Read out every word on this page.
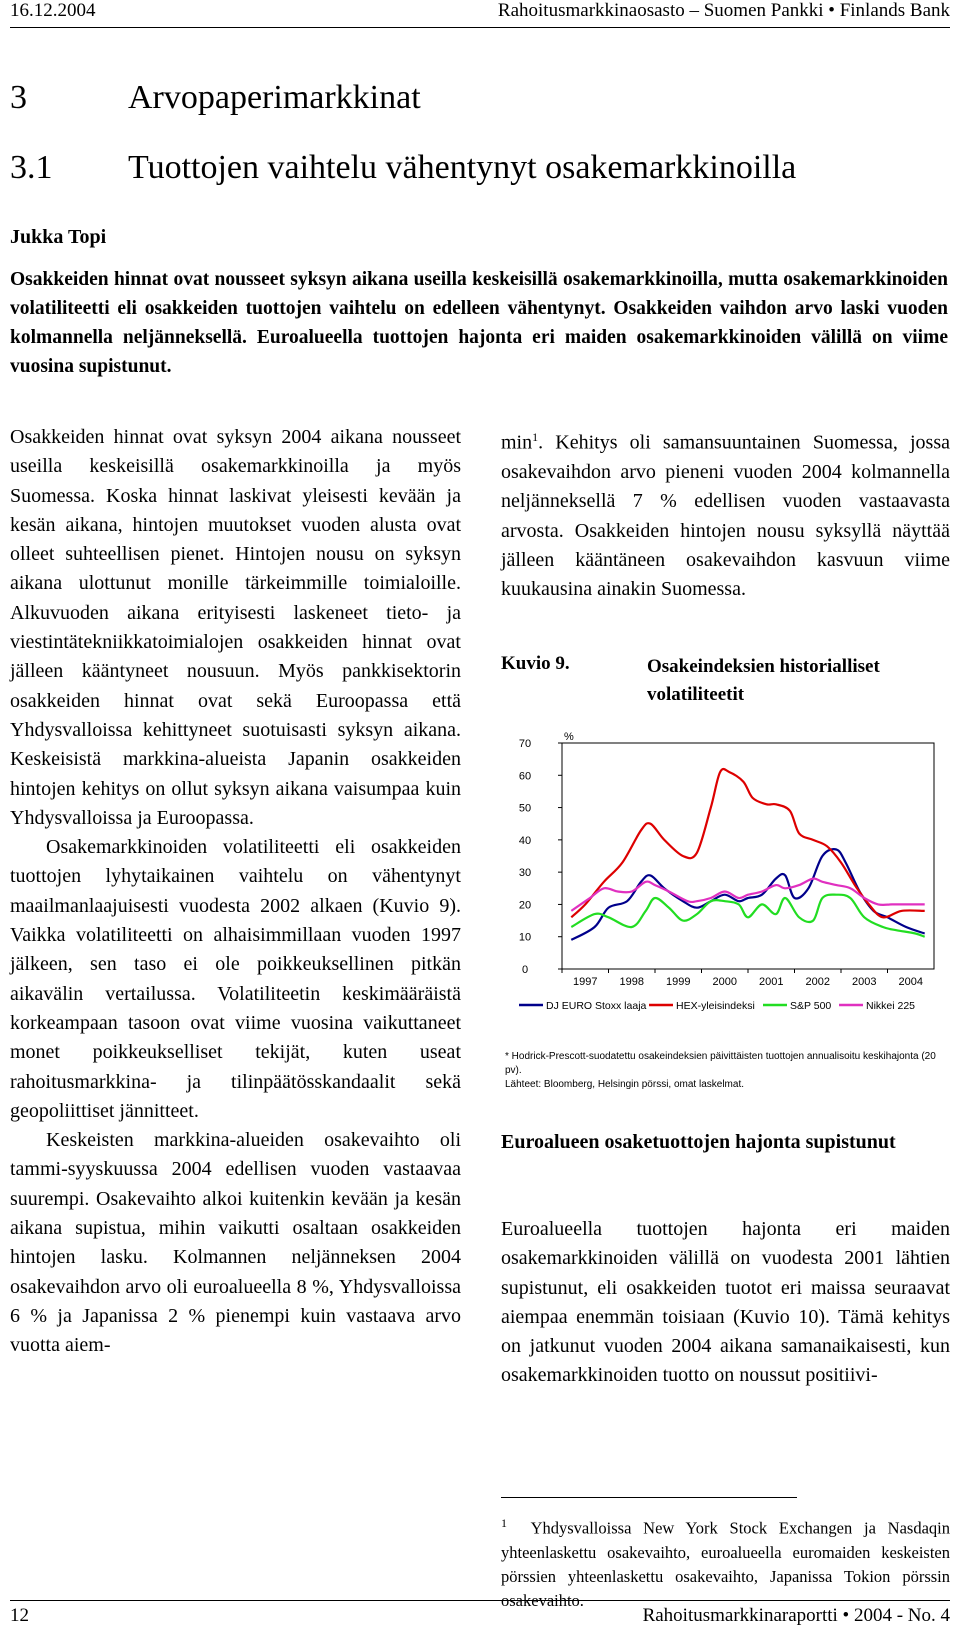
16.12.2004	Rahoitusmarkkinaosasto – Suomen Pankki • Finlands Bank
3	Arvopaperimarkkinat
3.1 Tuottojen vaihtelu vähentynyt osakemarkkinoilla
Jukka Topi
Osakkeiden hinnat ovat nousseet syksyn aikana useilla keskeisillä osakemarkkinoilla, mutta osakemarkkinoiden volatiliteetti eli osakkeiden tuottojen vaihtelu on edelleen vähentynyt. Osakkeiden vaihdon arvo laski vuoden kolmannella neljänneksellä. Euroalueella tuottojen hajonta eri maiden osakemarkkinoiden välillä on viime vuosina supistunut.

Osakkeiden hinnat ovat syksyn 2004 aikana nousseet useilla keskeisillä osakemarkkinoilla ja myös Suomessa. Koska hinnat laskivat yleisesti kevään ja kesän aikana, hintojen muutokset vuoden alusta ovat olleet suhteellisen pienet. Hintojen nousu on syksyn aikana ulottunut monille tärkeimmille toimialoille. Alkuvuoden aikana erityisesti laskeneet tieto- ja viestintätekniikkatoimialojen osakkeiden hinnat ovat jälleen kääntyneet nousuun. Myös pankkisektorin osakkeiden hinnat ovat sekä Euroopassa että Yhdysvalloissa kehittyneet suotuisasti syksyn aikana. Keskeisistä markkina-alueista Japanin osakkeiden hintojen kehitys on ollut syksyn aikana vaisumpaa kuin Yhdysvalloissa ja Euroopassa.

Osakemarkkinoiden volatiliteetti eli osakkeiden tuottojen lyhytaikainen vaihtelu on vähentynyt maailmanlaajuisesti vuodesta 2002 alkaen (Kuvio 9). Vaikka volatiliteetti on alhaisimmillaan vuoden 1997 jälkeen, sen taso ei ole poikkeuksellinen pitkän aikavälin vertailussa. Volatiliteetin keskimääräistä korkeampaan tasoon ovat viime vuosina vaikuttaneet monet poikkeukselliset tekijät, kuten useat rahoitusmarkkina- ja tilinpäätösskandaalit sekä geopoliittiset jännitteet.

Keskeisten markkina-alueiden osakevaihto oli tammi-syyskuussa 2004 edellisen vuoden vastaavaa suurempi. Osakevaihto alkoi kuitenkin kevään ja kesän aikana supistua, mihin vaikutti osaltaan osakkeiden hintojen lasku. Kolmannen neljänneksen 2004 osakevaihdon arvo oli euroalueella 8 %, Yhdysvalloissa 6 % ja Japanissa 2 % pienempi kuin vastaava arvo vuotta aiem-

$\min^1$. Kehitys oli samansuuntainen Suomessa, jossa osakevaihdon arvo pieneni vuoden 2004 kolmannella neljänneksellä 7 % edellisen vuoden vastaavasta arvosta. Osakkeiden hintojen nousu syksyllä näyttää jälleen kääntäneen osakevaihdon kasvuun viime kuukausina ainakin Suomessa.

Kuvio 9.	Osakeindeksien historialliset volatiliteetit
%
0
10
20
30
40
50
60
70
1997 1998 1999 2000 2001 2002 2003 2004
DJ EURO Stoxx laaja	HEX-yleisindeksi	S&P 500	Nikkei 225
* Hodrick-Prescott-suodatettu osakeindeksien päivittäisten tuottojen annualisoitu keskihajonta (20 pv).
Lähteet: Bloomberg, Helsingin pörssi, omat laskelmat.
Euroalueen osaketuottojen hajonta supistunut

Euroalueella tuottojen hajonta eri maiden osakemarkkinoiden välillä on vuodesta 2001 lähtien supistunut, eli osakkeiden tuotot eri maissa seuraavat aiempaa enemmän toisiaan (Kuvio 10). Tämä kehitys on jatkunut vuoden 2004 aikana samanaikaisesti, kun osakemarkkinoiden tuotto on noussut positiivi-

$^1$ Yhdysvalloissa New York Stock Exchangen ja Nasdaqin yhteenlaskettu osakevaihto, euroalueella euromaiden keskeisten pörssien yhteenlaskettu osakevaihto, Japanissa Tokion pörssin osakevaihto.
12	Rahoitusmarkkinaraportti • 2004 - No. 4
